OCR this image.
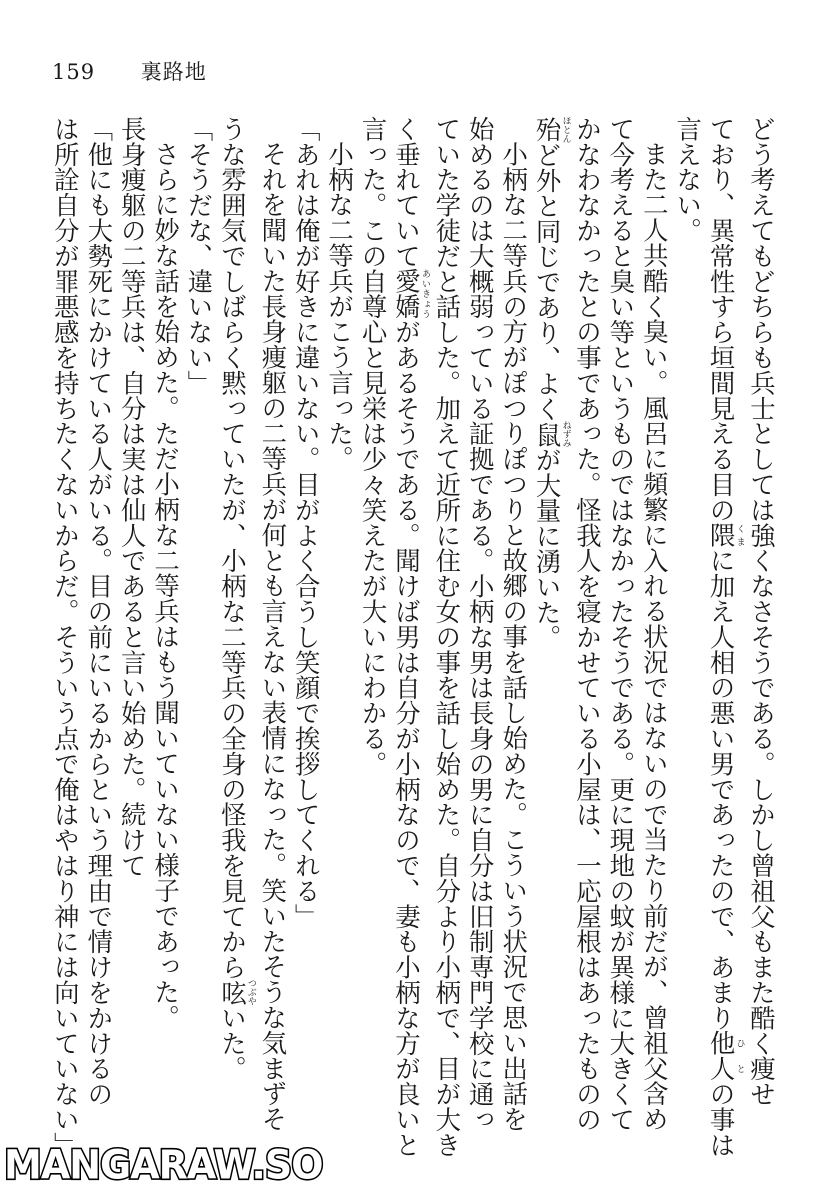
159 裏路地
どう考えてもどちらも兵士としては強くなさそうである。しかし曾祖父もまた酷く痩せ
ており、異常性すら垣間見える目の隈くまに加え人相の悪い男であったので、あまり他人ひとの事は
言えない。
また二人共酷く臭い。風呂に頻繁に入れる状況ではないので当たり前だが、曾祖父含め
て今考えると臭い等というものではなかったそうである。更に現地の蚊が異様に大きくて
かなわなかったとの事であった。怪我人を寝かせている小屋は、一応屋根はあったものの
殆ほとんど外と同じであり、よく鼠ねずみが大量に湧いた。
小柄な二等兵の方がぽつりぽつりと故郷の事を話し始めた。こういう状況で思い出話を
始めるのは大概弱っている証拠である。小柄な男は長身の男に自分は旧制専門学校に通っ
ていた学徒だと話した。加えて近所に住む女の事を話し始めた。自分より小柄で、目が大き
く垂れていて愛嬌あいきょうがあるそうである。聞けば男は自分が小柄なので、妻も小柄な方が良いと
言った。この自尊心と見栄は少々笑えたが大いにわかる。
小柄な二等兵がこう言った。
「あれは俺が好きに違いない。目がよく合うし笑顔で挨拶してくれる」
それを聞いた長身痩躯の二等兵が何とも言えない表情になった。笑いたそうな気まずそ
うな雰囲気でしばらく黙っていたが、小柄な二等兵の全身の怪我を見てから呟つぶやいた。
「そうだな、違いない」
さらに妙な話を始めた。ただ小柄な二等兵はもう聞いていない様子であった。
長身痩躯の二等兵は、自分は実は仙人であると言い始めた。続けて
「他にも大勢死にかけている人がいる。目の前にいるからという理由で情けをかけるの
は所詮自分が罪悪感を持ちたくないからだ。そういう点で俺はやはり神には向いていない」
MANGARAW.SO
